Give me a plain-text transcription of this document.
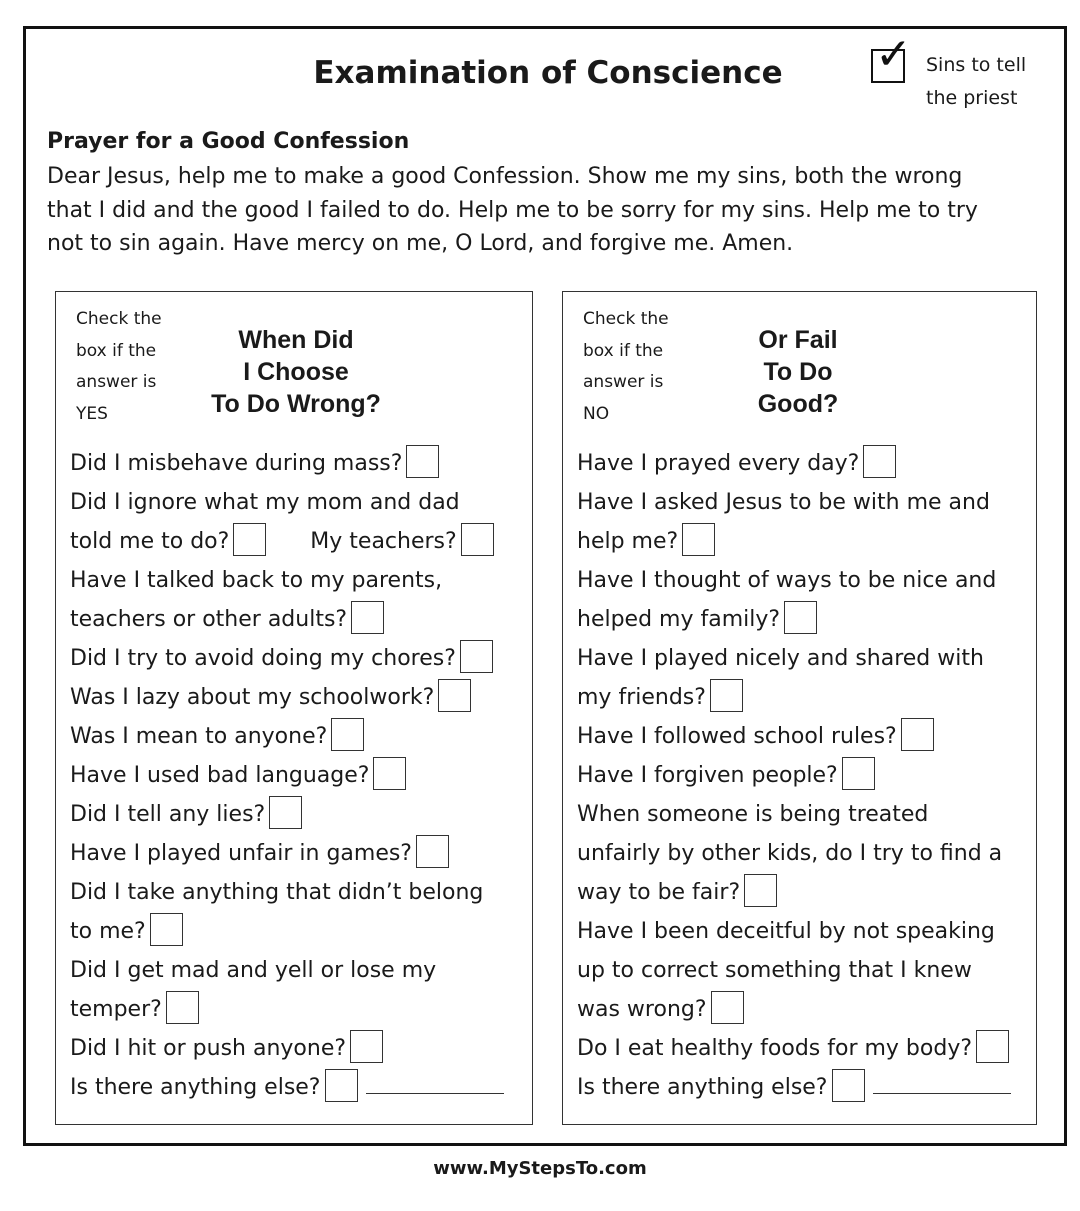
Examination of Conscience	✓ Sins to tell
the priest

Prayer for a Good Confession

Dear Jesus, help me to make a good Confession. Show me my sins, both the wrong
that I did and the good I failed to do. Help me to be sorry for my sins. Help me to try
not to sin again. Have mercy on me, O Lord, and forgive me. Amen.

Check the
box if the
answer is
YES
When Did
I Choose
To Do Wrong?
Did I misbehave during mass?
Did I ignore what my mom and dad
told me to do?	My teachers?
Have I talked back to my parents,
teachers or other adults?
Did I try to avoid doing my chores?
Was I lazy about my schoolwork?
Was I mean to anyone?
Have I used bad language?
Did I tell any lies?
Have I played unfair in games?
Did I take anything that didn’t belong
to me?
Did I get mad and yell or lose my
temper?
Did I hit or push anyone?
Is there anything else?
Check the
box if the
answer is
NO
Or Fail
To Do
Good?
Have I prayed every day?
Have I asked Jesus to be with me and
help me?
Have I thought of ways to be nice and
helped my family?
Have I played nicely and shared with
my friends?
Have I followed school rules?
Have I forgiven people?
When someone is being treated
unfairly by other kids, do I try to find a
way to be fair?
Have I been deceitful by not speaking
up to correct something that I knew
was wrong?
Do I eat healthy foods for my body?
Is there anything else?

www.MyStepsTo.com
